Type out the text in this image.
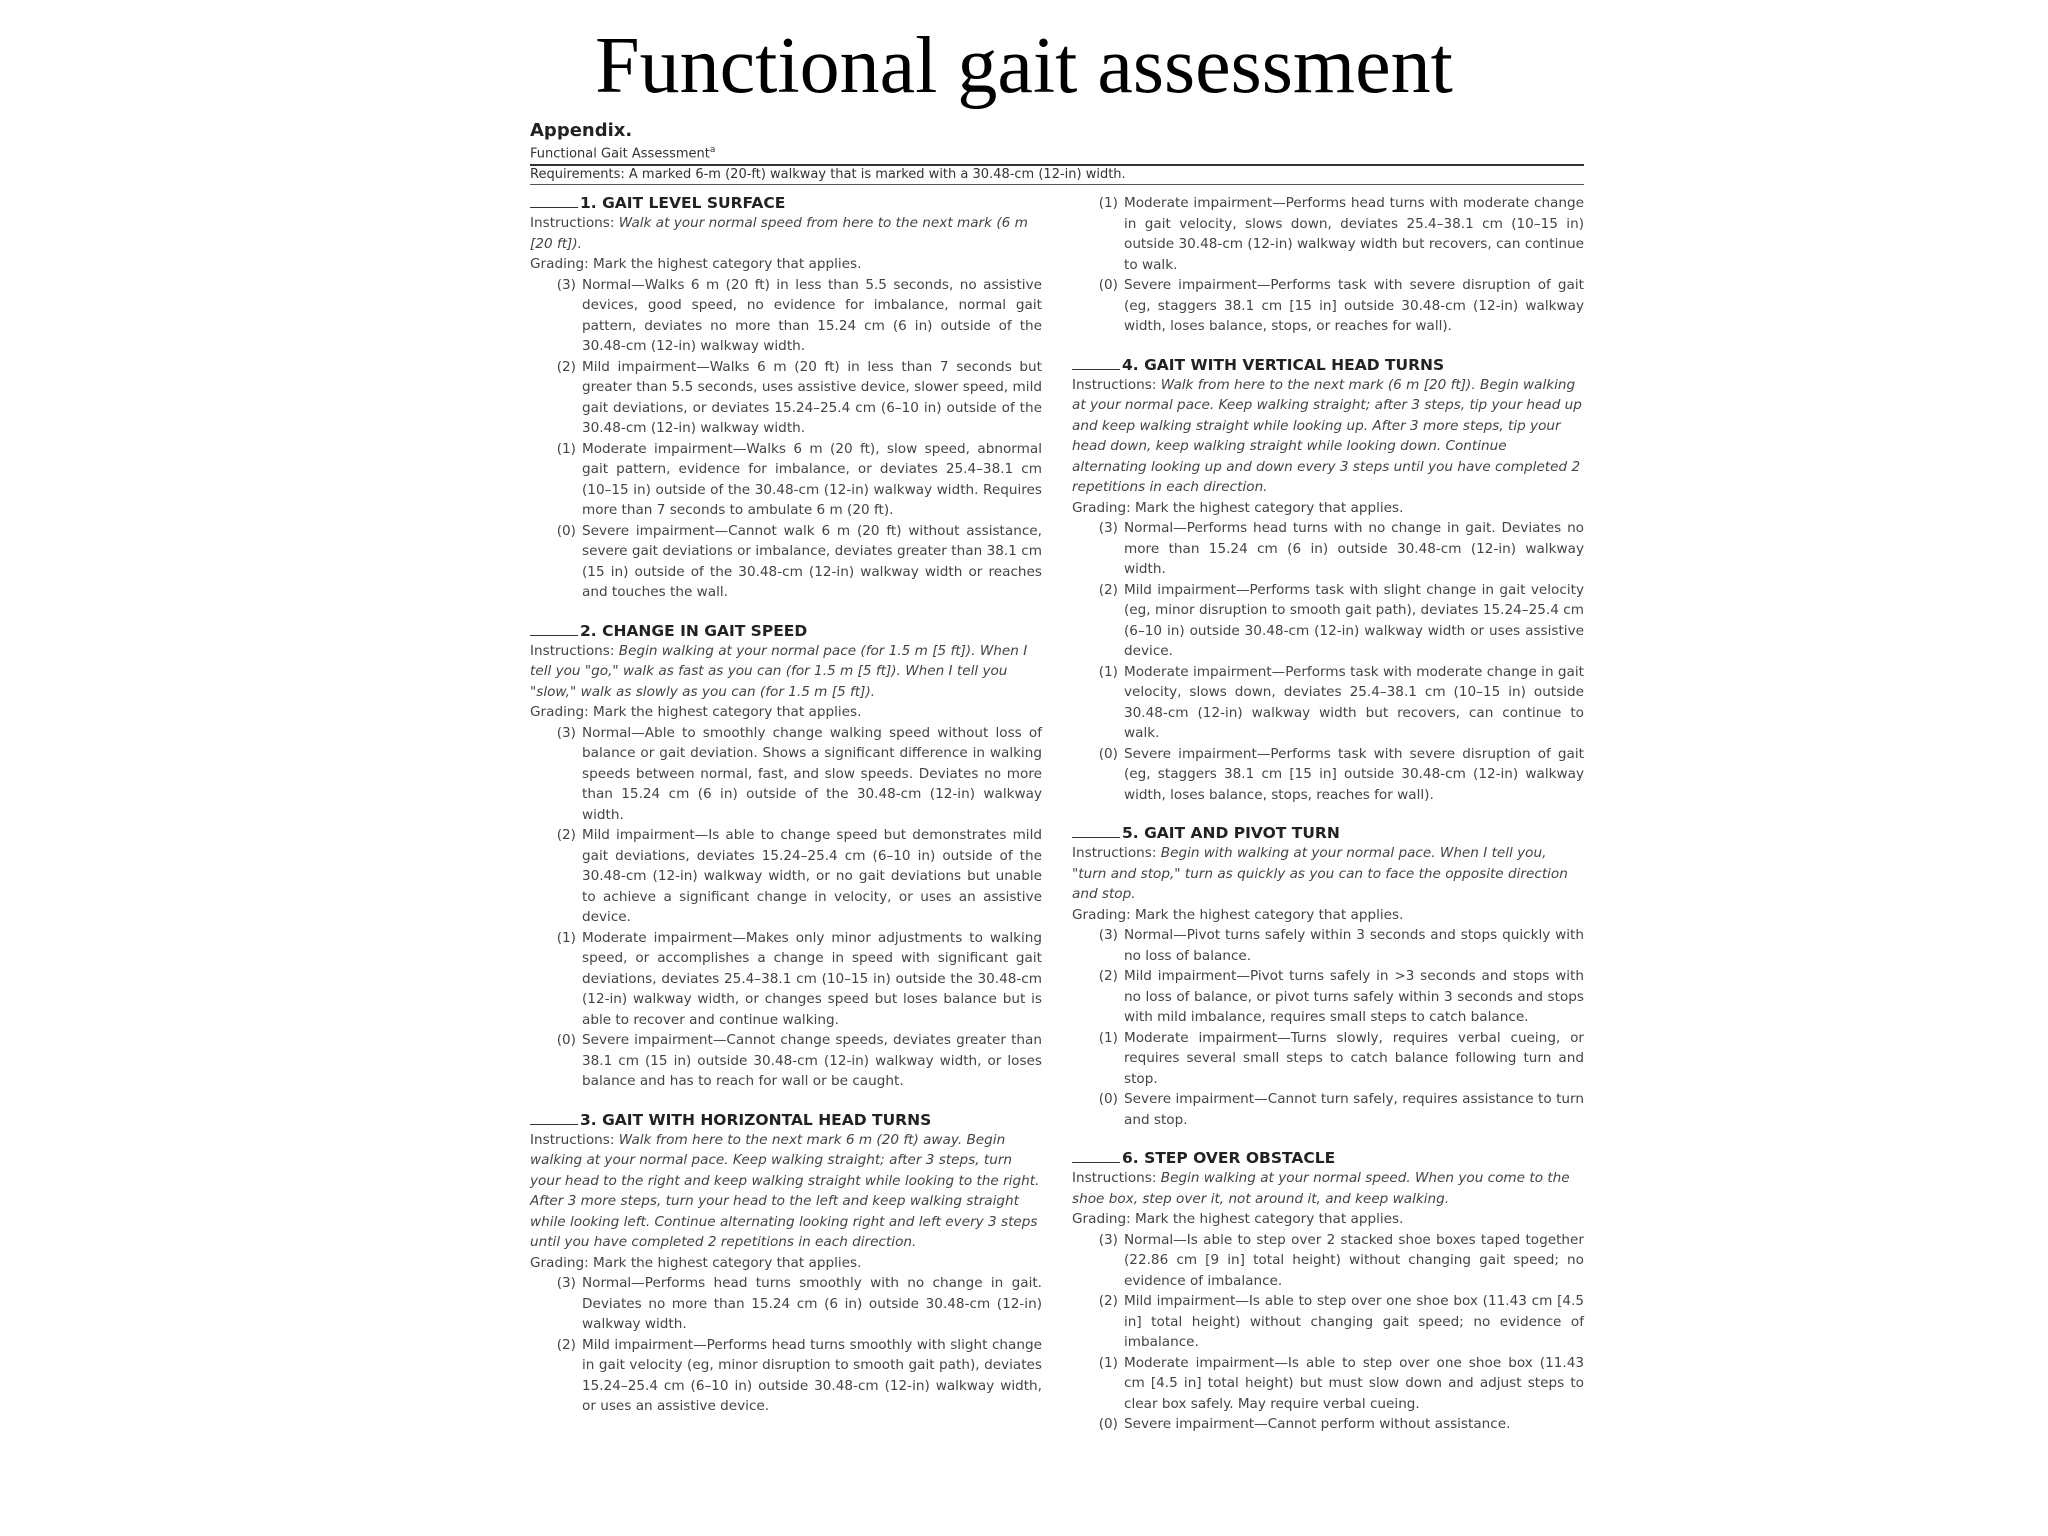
Functional gait assessment
Appendix.
Functional Gait Assessment$^a$
Requirements: A marked 6-m (20-ft) walkway that is marked with a 30.48-cm (12-in) width.
1. GAIT LEVEL SURFACE
Instructions: Walk at your normal speed from here to the next mark (6 m [20 ft]).
Grading: Mark the highest category that applies.
(3) Normal—Walks 6 m (20 ft) in less than 5.5 seconds, no assistive devices, good speed, no evidence for imbalance, normal gait pattern, deviates no more than 15.24 cm (6 in) outside of the 30.48-cm (12-in) walkway width.
(2) Mild impairment—Walks 6 m (20 ft) in less than 7 seconds but greater than 5.5 seconds, uses assistive device, slower speed, mild gait deviations, or deviates 15.24–25.4 cm (6–10 in) outside of the 30.48-cm (12-in) walkway width.
(1) Moderate impairment—Walks 6 m (20 ft), slow speed, abnormal gait pattern, evidence for imbalance, or deviates 25.4–38.1 cm (10–15 in) outside of the 30.48-cm (12-in) walkway width. Requires more than 7 seconds to ambulate 6 m (20 ft).
(0) Severe impairment—Cannot walk 6 m (20 ft) without assistance, severe gait deviations or imbalance, deviates greater than 38.1 cm (15 in) outside of the 30.48-cm (12-in) walkway width or reaches and touches the wall.
2. CHANGE IN GAIT SPEED
Instructions: Begin walking at your normal pace (for 1.5 m [5 ft]). When I tell you "go," walk as fast as you can (for 1.5 m [5 ft]). When I tell you "slow," walk as slowly as you can (for 1.5 m [5 ft]).
Grading: Mark the highest category that applies.
(3) Normal—Able to smoothly change walking speed without loss of balance or gait deviation. Shows a significant difference in walking speeds between normal, fast, and slow speeds. Deviates no more than 15.24 cm (6 in) outside of the 30.48-cm (12-in) walkway width.
(2) Mild impairment—Is able to change speed but demonstrates mild gait deviations, deviates 15.24–25.4 cm (6–10 in) outside of the 30.48-cm (12-in) walkway width, or no gait deviations but unable to achieve a significant change in velocity, or uses an assistive device.
(1) Moderate impairment—Makes only minor adjustments to walking speed, or accomplishes a change in speed with significant gait deviations, deviates 25.4–38.1 cm (10–15 in) outside the 30.48-cm (12-in) walkway width, or changes speed but loses balance but is able to recover and continue walking.
(0) Severe impairment—Cannot change speeds, deviates greater than 38.1 cm (15 in) outside 30.48-cm (12-in) walkway width, or loses balance and has to reach for wall or be caught.
3. GAIT WITH HORIZONTAL HEAD TURNS
Instructions: Walk from here to the next mark 6 m (20 ft) away. Begin walking at your normal pace. Keep walking straight; after 3 steps, turn your head to the right and keep walking straight while looking to the right. After 3 more steps, turn your head to the left and keep walking straight while looking left. Continue alternating looking right and left every 3 steps until you have completed 2 repetitions in each direction.
Grading: Mark the highest category that applies.
(3) Normal—Performs head turns smoothly with no change in gait. Deviates no more than 15.24 cm (6 in) outside 30.48-cm (12-in) walkway width.
(2) Mild impairment—Performs head turns smoothly with slight change in gait velocity (eg, minor disruption to smooth gait path), deviates 15.24–25.4 cm (6–10 in) outside 30.48-cm (12-in) walkway width, or uses an assistive device.
(1) Moderate impairment—Performs head turns with moderate change in gait velocity, slows down, deviates 25.4–38.1 cm (10–15 in) outside 30.48-cm (12-in) walkway width but recovers, can continue to walk.
(0) Severe impairment—Performs task with severe disruption of gait (eg, staggers 38.1 cm [15 in] outside 30.48-cm (12-in) walkway width, loses balance, stops, or reaches for wall).
4. GAIT WITH VERTICAL HEAD TURNS
Instructions: Walk from here to the next mark (6 m [20 ft]). Begin walking at your normal pace. Keep walking straight; after 3 steps, tip your head up and keep walking straight while looking up. After 3 more steps, tip your head down, keep walking straight while looking down. Continue alternating looking up and down every 3 steps until you have completed 2 repetitions in each direction.
Grading: Mark the highest category that applies.
(3) Normal—Performs head turns with no change in gait. Deviates no more than 15.24 cm (6 in) outside 30.48-cm (12-in) walkway width.
(2) Mild impairment—Performs task with slight change in gait velocity (eg, minor disruption to smooth gait path), deviates 15.24–25.4 cm (6–10 in) outside 30.48-cm (12-in) walkway width or uses assistive device.
(1) Moderate impairment—Performs task with moderate change in gait velocity, slows down, deviates 25.4–38.1 cm (10–15 in) outside 30.48-cm (12-in) walkway width but recovers, can continue to walk.
(0) Severe impairment—Performs task with severe disruption of gait (eg, staggers 38.1 cm [15 in] outside 30.48-cm (12-in) walkway width, loses balance, stops, reaches for wall).
5. GAIT AND PIVOT TURN
Instructions: Begin with walking at your normal pace. When I tell you, "turn and stop," turn as quickly as you can to face the opposite direction and stop.
Grading: Mark the highest category that applies.
(3) Normal—Pivot turns safely within 3 seconds and stops quickly with no loss of balance.
(2) Mild impairment—Pivot turns safely in >3 seconds and stops with no loss of balance, or pivot turns safely within 3 seconds and stops with mild imbalance, requires small steps to catch balance.
(1) Moderate impairment—Turns slowly, requires verbal cueing, or requires several small steps to catch balance following turn and stop.
(0) Severe impairment—Cannot turn safely, requires assistance to turn and stop.
6. STEP OVER OBSTACLE
Instructions: Begin walking at your normal speed. When you come to the shoe box, step over it, not around it, and keep walking.
Grading: Mark the highest category that applies.
(3) Normal—Is able to step over 2 stacked shoe boxes taped together (22.86 cm [9 in] total height) without changing gait speed; no evidence of imbalance.
(2) Mild impairment—Is able to step over one shoe box (11.43 cm [4.5 in] total height) without changing gait speed; no evidence of imbalance.
(1) Moderate impairment—Is able to step over one shoe box (11.43 cm [4.5 in] total height) but must slow down and adjust steps to clear box safely. May require verbal cueing.
(0) Severe impairment—Cannot perform without assistance.
